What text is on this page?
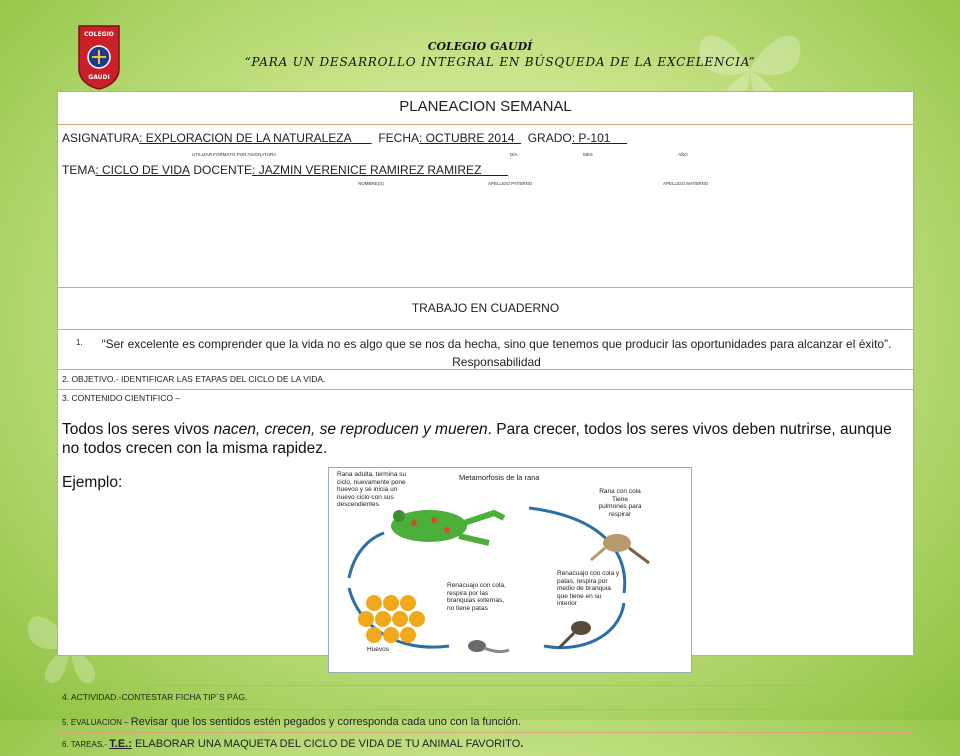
COLEGIO
GAUDI
COLEGIO GAUDÍ
“PARA UN DESARROLLO INTEGRAL EN BÚSQUEDA DE LA EXCELENCIA”
PLANEACION SEMANAL
ASIGNATURA: EXPLORACION DE LA NATURALEZA FECHA: OCTUBRE 2014 GRADO: P-101
UTILIZAR FORMATO POR ASIGNATURA	DÍA	MES	AÑO
TEMA: CICLO DE VIDA DOCENTE: JAZMIN VERENICE RAMIREZ RAMIREZ
NOMBRE(S)	APELLIDO PATERNO	APELLIDO MATERNO
TRABAJO EN CUADERNO
1.	“Ser excelente es comprender que la vida no es algo que se nos da hecha, sino que tenemos que producir las oportunidades para alcanzar el éxito”. Responsabilidad
2. OBJETIVO.- IDENTIFICAR LAS ETAPAS DEL CICLO DE LA VIDA.
3. CONTENIDO CIENTIFICO –
Todos los seres vivos nacen, crecen, se reproducen y mueren. Para crecer, todos los seres vivos deben nutrirse, aunque no todos crecen con la misma rapidez.
Ejemplo:	Metamorfosis de la rana
Rana adulta, termina su ciclo, nuevamente pone huevos y se inicia un nuevo ciclo con sus descendientes
Rana con cola Tiene pulmones para respirar
Renacuajo con cola y patas, respira por medio de branquia que tiene en su interior
Renacuajo con cola, respira por las branquias externas, no tiene patas
Huevos
4. ACTIVIDAD.-CONTESTAR FICHA TIP´S PÁG.
5. EVALUACION – Revisar que los sentidos estén pegados y corresponda cada uno con la función.
6. TAREAS.- T.E.: ELABORAR UNA MAQUETA DEL CICLO DE VIDA DE TU ANIMAL FAVORITO.
